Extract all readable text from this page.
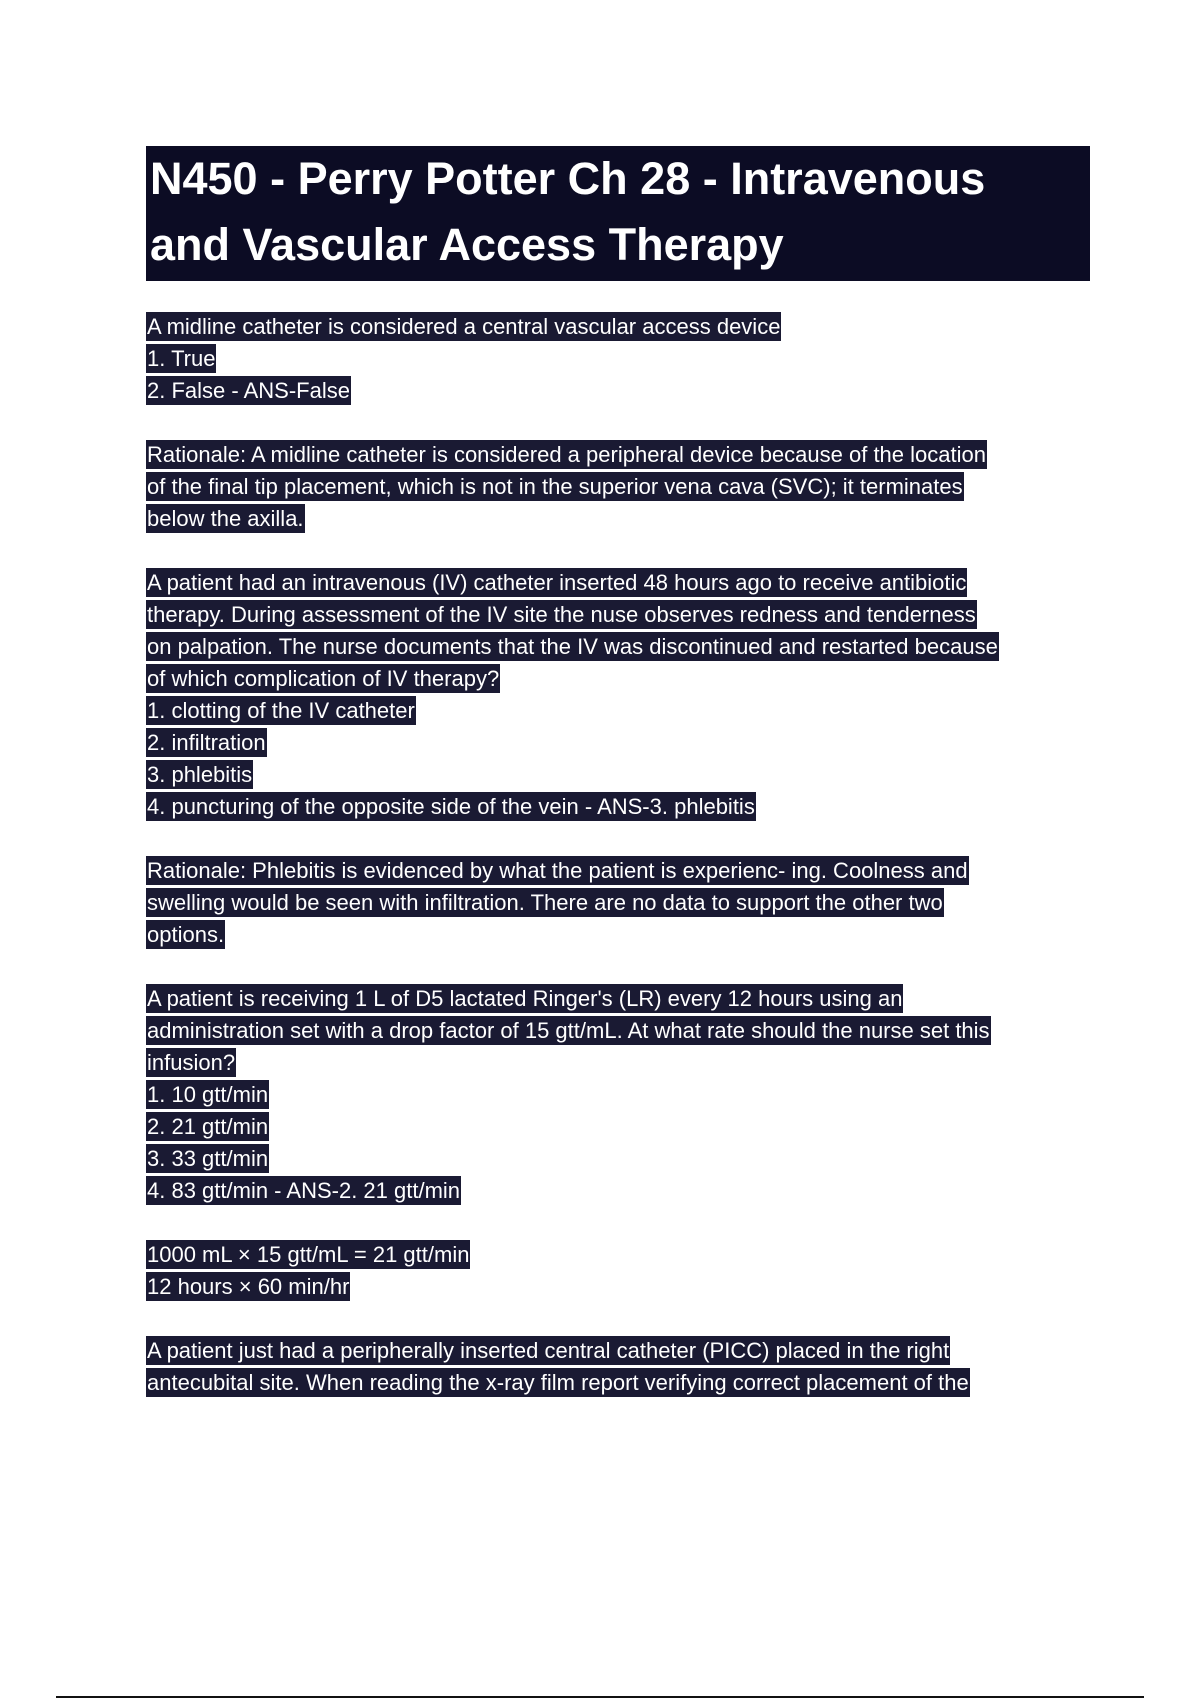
N450 - Perry Potter Ch 28 - Intravenous
and Vascular Access Therapy
A midline catheter is considered a central vascular access device
1. True
2. False - ANS-False
Rationale: A midline catheter is considered a peripheral device because of the location
of the final tip placement, which is not in the superior vena cava (SVC); it terminates
below the axilla.
A patient had an intravenous (IV) catheter inserted 48 hours ago to receive antibiotic
therapy. During assessment of the IV site the nuse observes redness and tenderness
on palpation. The nurse documents that the IV was discontinued and restarted because
of which complication of IV therapy?
1. clotting of the IV catheter
2. infiltration
3. phlebitis
4. puncturing of the opposite side of the vein - ANS-3. phlebitis
Rationale: Phlebitis is evidenced by what the patient is experienc- ing. Coolness and
swelling would be seen with infiltration. There are no data to support the other two
options.
A patient is receiving 1 L of D5 lactated Ringer's (LR) every 12 hours using an
administration set with a drop factor of 15 gtt/mL. At what rate should the nurse set this
infusion?
1. 10 gtt/min
2. 21 gtt/min
3. 33 gtt/min
4. 83 gtt/min - ANS-2. 21 gtt/min
1000 mL × 15 gtt/mL = 21 gtt/min
12 hours × 60 min/hr
A patient just had a peripherally inserted central catheter (PICC) placed in the right
antecubital site. When reading the x-ray film report verifying correct placement of the
